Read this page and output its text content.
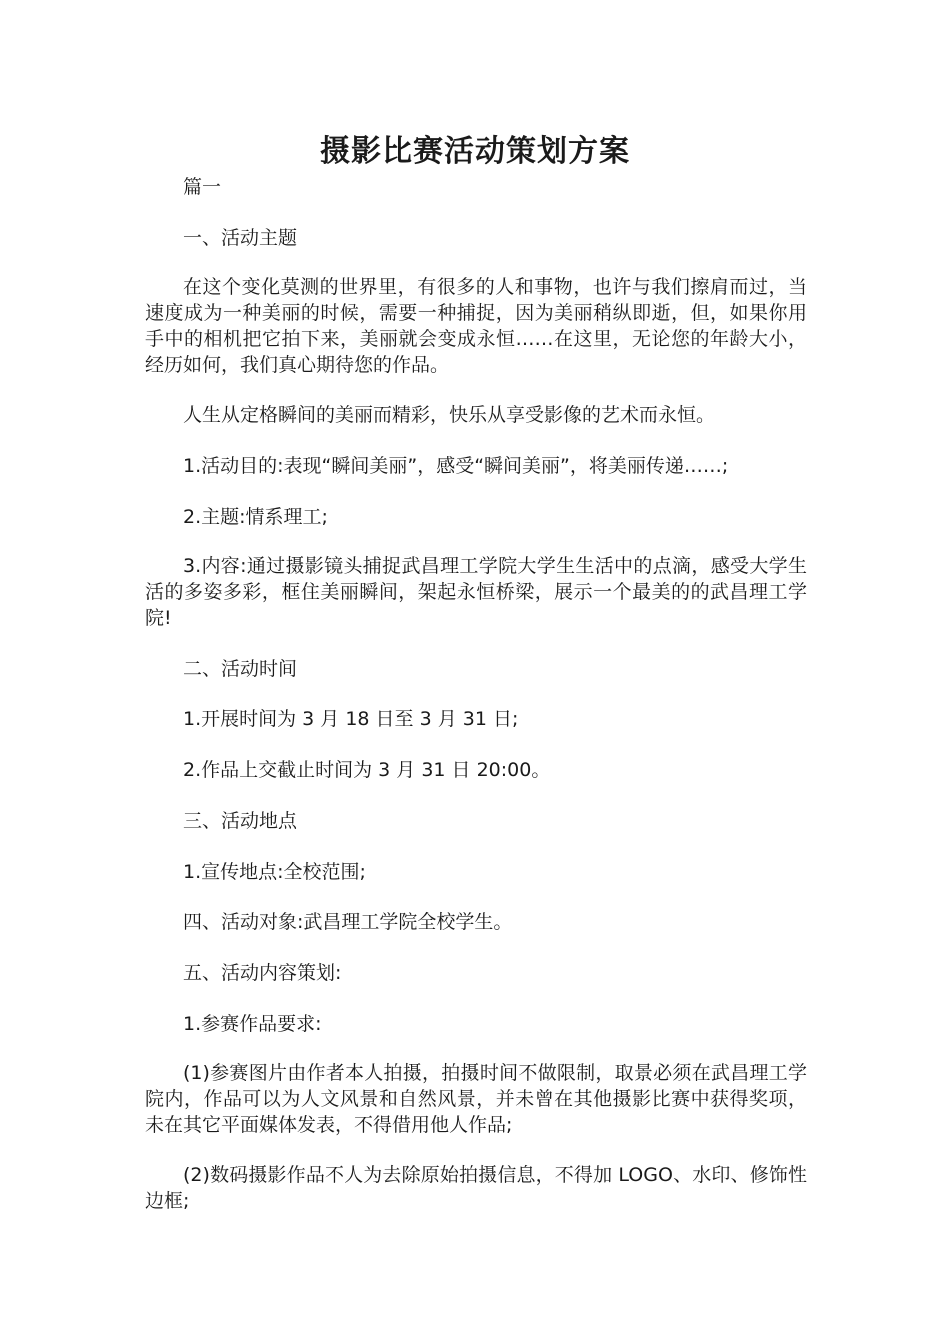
摄影比赛活动策划方案

篇一

一、活动主题

在这个变化莫测的世界里，有很多的人和事物，也许与我们擦肩而过，当速度成为一种美丽的时候，需要一种捕捉，因为美丽稍纵即逝，但，如果你用手中的相机把它拍下来，美丽就会变成永恒……在这里，无论您的年龄大小，经历如何，我们真心期待您的作品。

人生从定格瞬间的美丽而精彩，快乐从享受影像的艺术而永恒。

1.活动目的:表现“瞬间美丽”，感受“瞬间美丽”，将美丽传递……;

2.主题:情系理工;

3.内容:通过摄影镜头捕捉武昌理工学院大学生生活中的点滴，感受大学生活的多姿多彩，框住美丽瞬间，架起永恒桥梁，展示一个最美的的武昌理工学院!

二、活动时间

1.开展时间为 3 月 18 日至 3 月 31 日;

2.作品上交截止时间为 3 月 31 日 20:00。

三、活动地点

1.宣传地点:全校范围;

四、活动对象:武昌理工学院全校学生。

五、活动内容策划:

1.参赛作品要求:

(1)参赛图片由作者本人拍摄，拍摄时间不做限制，取景必须在武昌理工学院内，作品可以为人文风景和自然风景，并未曾在其他摄影比赛中获得奖项，未在其它平面媒体发表，不得借用他人作品;

(2)数码摄影作品不人为去除原始拍摄信息，不得加 LOGO、水印、修饰性边框;
